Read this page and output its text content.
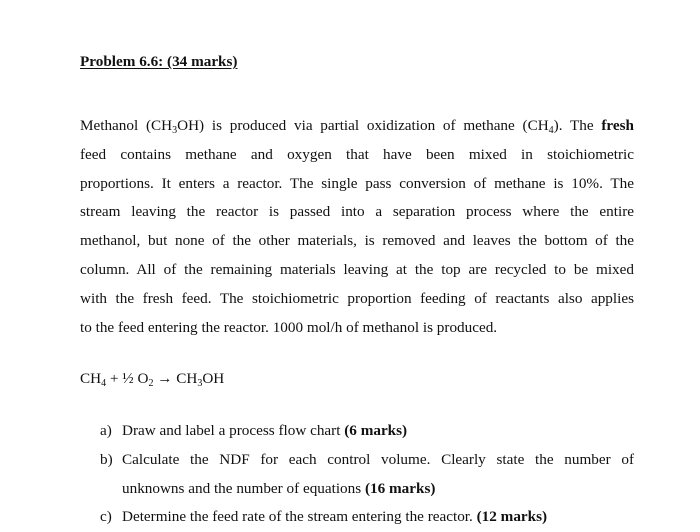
Problem 6.6: (34 marks)

Methanol $(CH_3OH)$ is produced via partial oxidization of methane $(CH_4)$. The fresh

feed contains methane and oxygen that have been mixed in stoichiometric

proportions. It enters a reactor. The single pass conversion of methane is 10%. The

stream leaving the reactor is passed into a separation process where the entire

methanol, but none of the other materials, is removed and leaves the bottom of the

column. All of the remaining materials leaving at the top are recycled to be mixed

with the fresh feed. The stoichiometric proportion feeding of reactants also applies

to the feed entering the reactor. 1000 mol/h of methanol is produced.

$CH_4$ + ½ $O_2 \to CH_3OH$
a) Draw and label a process flow chart (6 marks)
b) Calculate the NDF for each control volume. Clearly state the number of
unknowns and the number of equations (16 marks)
c) Determine the feed rate of the stream entering the reactor. (12 marks)
